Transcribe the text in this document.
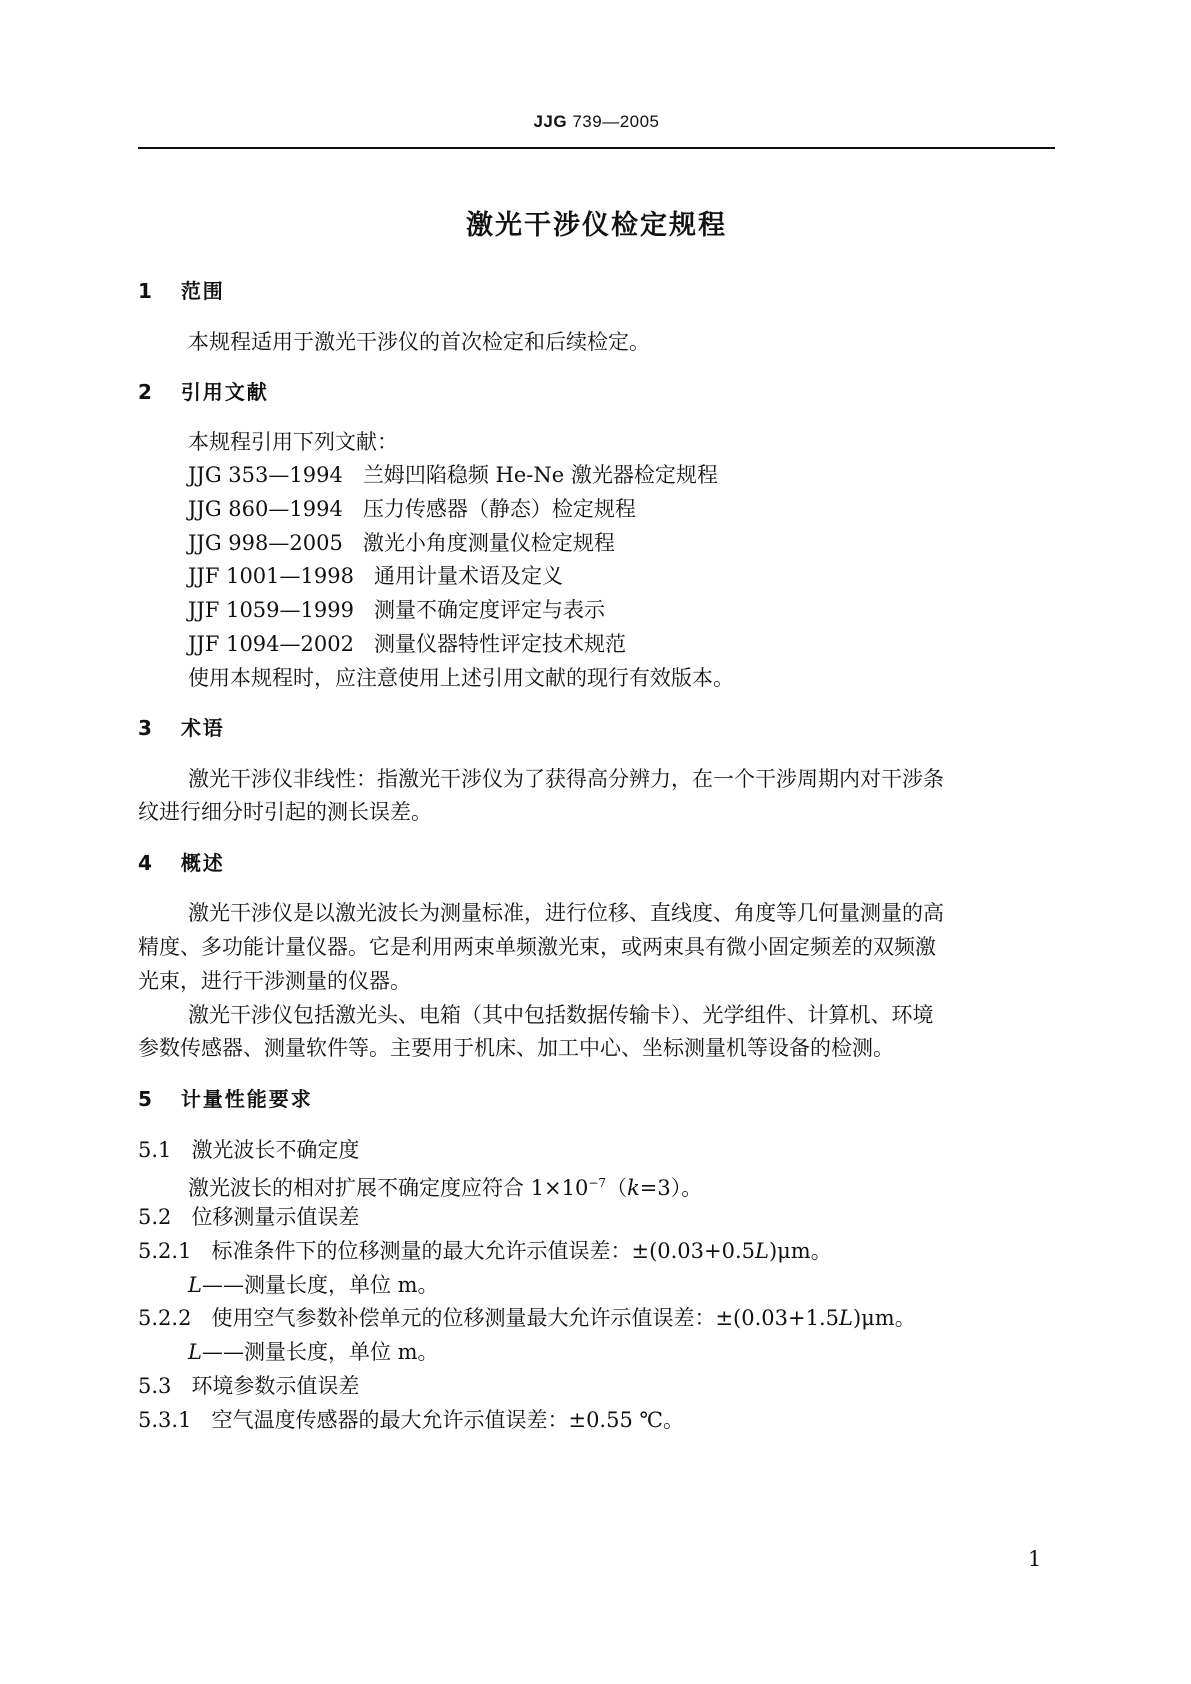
JJG 739—2005
激光干涉仪检定规程
1 范围
本规程适用于激光干涉仪的首次检定和后续检定。
2 引用文献
本规程引用下列文献：
JJG 353—1994 兰姆凹陷稳频 He-Ne 激光器检定规程
JJG 860—1994 压力传感器（静态）检定规程
JJG 998—2005 激光小角度测量仪检定规程
JJF 1001—1998 通用计量术语及定义
JJF 1059—1999 测量不确定度评定与表示
JJF 1094—2002 测量仪器特性评定技术规范
使用本规程时，应注意使用上述引用文献的现行有效版本。
3 术语
激光干涉仪非线性：指激光干涉仪为了获得高分辨力，在一个干涉周期内对干涉条
纹进行细分时引起的测长误差。
4 概述
激光干涉仪是以激光波长为测量标准，进行位移、直线度、角度等几何量测量的高
精度、多功能计量仪器。它是利用两束单频激光束，或两束具有微小固定频差的双频激
光束，进行干涉测量的仪器。
激光干涉仪包括激光头、电箱（其中包括数据传输卡）、光学组件、计算机、环境
参数传感器、测量软件等。主要用于机床、加工中心、坐标测量机等设备的检测。
5 计量性能要求
5.1 激光波长不确定度
激光波长的相对扩展不确定度应符合 $1\times 10^{-7}(k=3)$。
5.2 位移测量示值误差
5.2.1 标准条件下的位移测量的最大允许示值误差：±(0.03+0.5L)μm。
L——测量长度，单位 m。
5.2.2 使用空气参数补偿单元的位移测量最大允许示值误差：±(0.03+1.5L)μm。
L——测量长度，单位 m。
5.3 环境参数示值误差
5.3.1 空气温度传感器的最大允许示值误差：±0.55 ℃。
1
